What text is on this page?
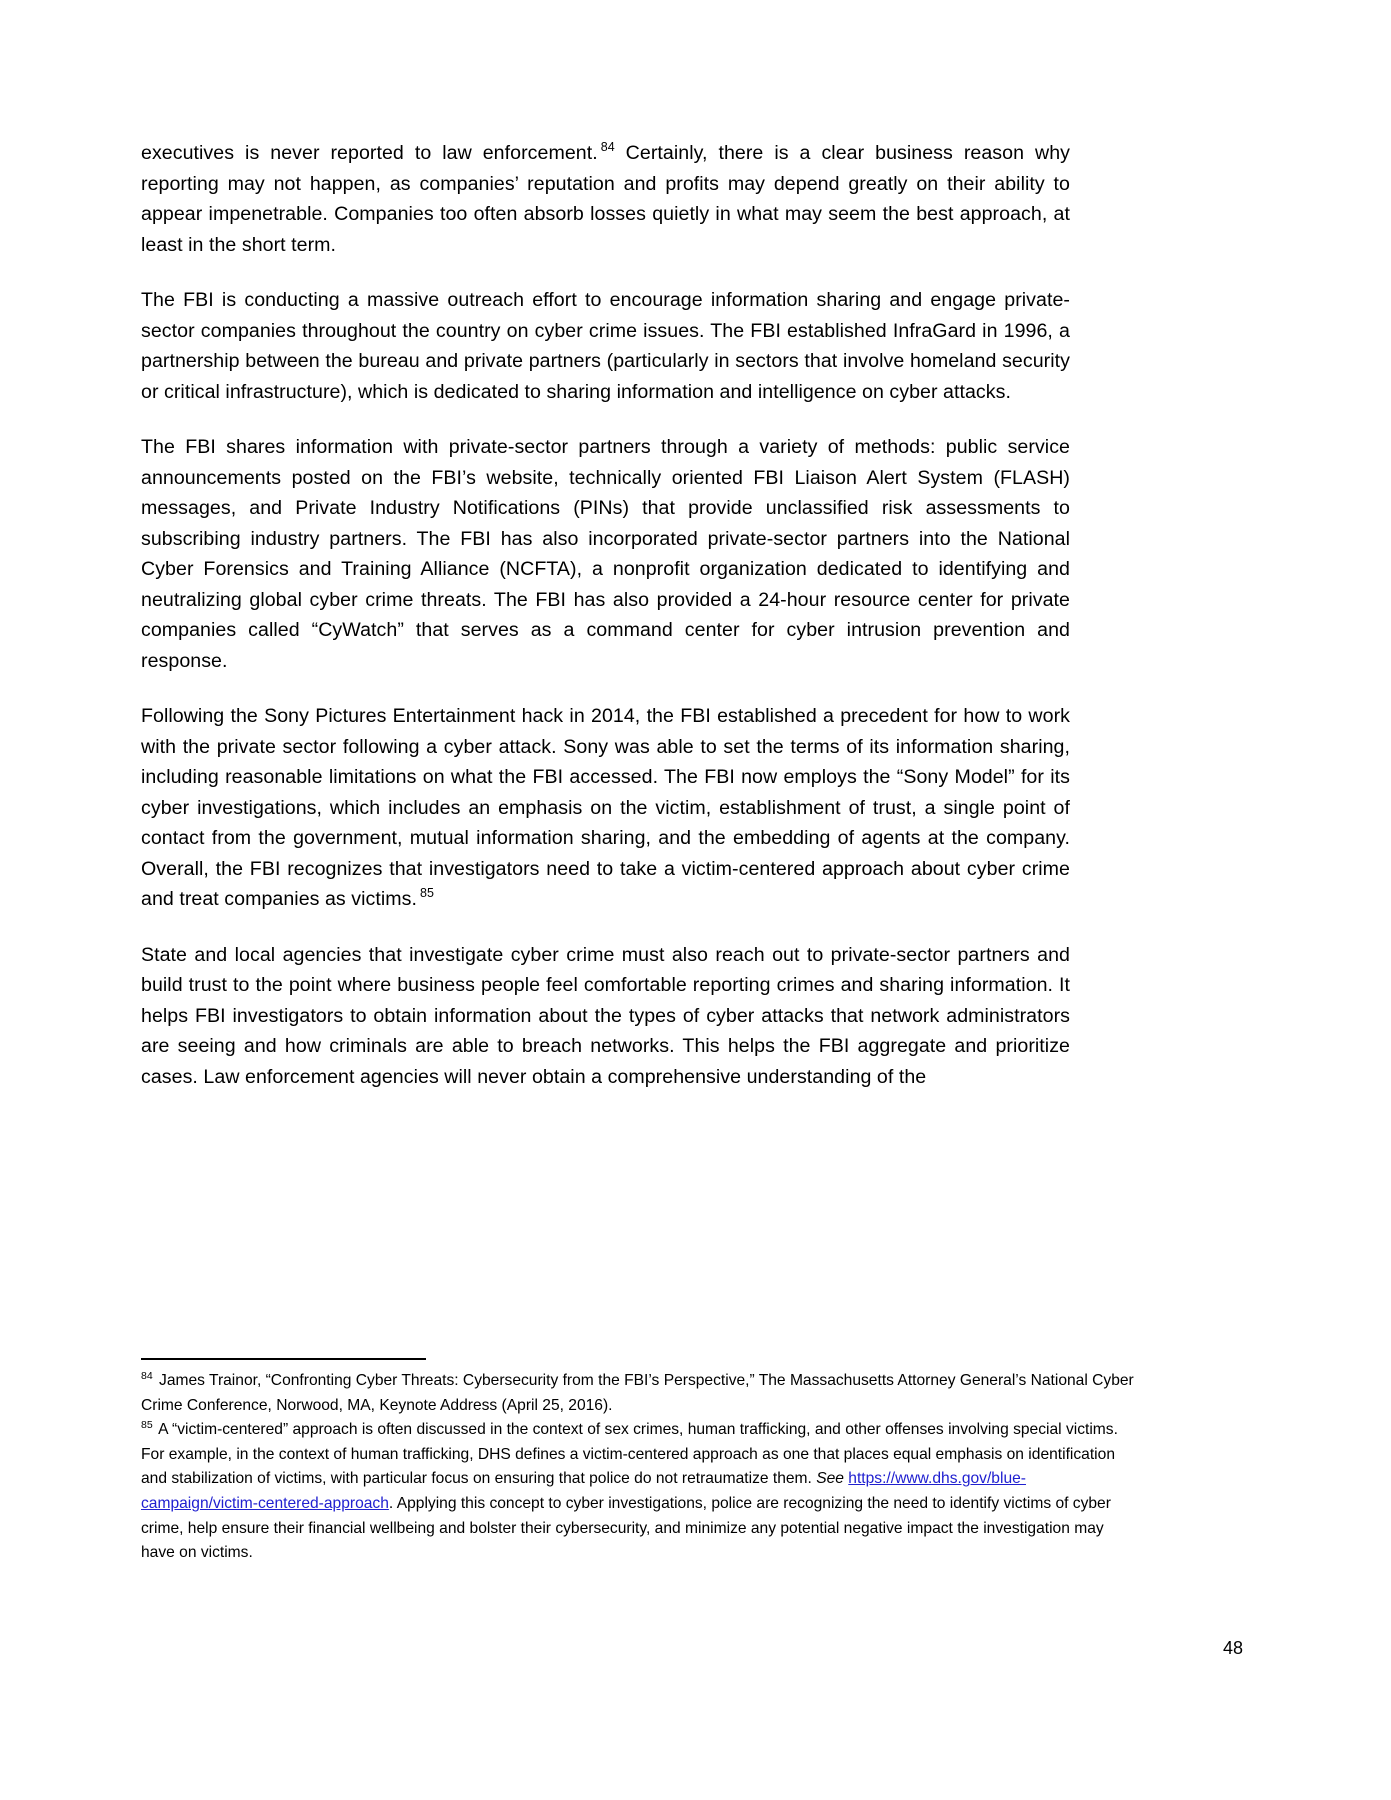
executives is never reported to law enforcement. $^{84}$ Certainly, there is a clear business reason why reporting may not happen, as companies’ reputation and profits may depend greatly on their ability to appear impenetrable. Companies too often absorb losses quietly in what may seem the best approach, at least in the short term.

The FBI is conducting a massive outreach effort to encourage information sharing and engage private-sector companies throughout the country on cyber crime issues. The FBI established InfraGard in 1996, a partnership between the bureau and private partners (particularly in sectors that involve homeland security or critical infrastructure), which is dedicated to sharing information and intelligence on cyber attacks.

The FBI shares information with private-sector partners through a variety of methods: public service announcements posted on the FBI’s website, technically oriented FBI Liaison Alert System (FLASH) messages, and Private Industry Notifications (PINs) that provide unclassified risk assessments to subscribing industry partners. The FBI has also incorporated private-sector partners into the National Cyber Forensics and Training Alliance (NCFTA), a nonprofit organization dedicated to identifying and neutralizing global cyber crime threats. The FBI has also provided a 24-hour resource center for private companies called “CyWatch” that serves as a command center for cyber intrusion prevention and response.

Following the Sony Pictures Entertainment hack in 2014, the FBI established a precedent for how to work with the private sector following a cyber attack. Sony was able to set the terms of its information sharing, including reasonable limitations on what the FBI accessed. The FBI now employs the “Sony Model” for its cyber investigations, which includes an emphasis on the victim, establishment of trust, a single point of contact from the government, mutual information sharing, and the embedding of agents at the company. Overall, the FBI recognizes that investigators need to take a victim-centered approach about cyber crime and treat companies as victims. $^{85}$

State and local agencies that investigate cyber crime must also reach out to private-sector partners and build trust to the point where business people feel comfortable reporting crimes and sharing information. It helps FBI investigators to obtain information about the types of cyber attacks that network administrators are seeing and how criminals are able to breach networks. This helps the FBI aggregate and prioritize cases. Law enforcement agencies will never obtain a comprehensive understanding of the

$^{84}$ James Trainor, “Confronting Cyber Threats: Cybersecurity from the FBI’s Perspective,” The Massachusetts Attorney General’s National Cyber Crime Conference, Norwood, MA, Keynote Address (April 25, 2016).

$^{85}$ A “victim-centered” approach is often discussed in the context of sex crimes, human trafficking, and other offenses involving special victims. For example, in the context of human trafficking, DHS defines a victim-centered approach as one that places equal emphasis on identification and stabilization of victims, with particular focus on ensuring that police do not retraumatize them. See https://www.dhs.gov/blue-campaign/victim-centered-approach. Applying this concept to cyber investigations, police are recognizing the need to identify victims of cyber crime, help ensure their financial wellbeing and bolster their cybersecurity, and minimize any potential negative impact the investigation may have on victims.

48
